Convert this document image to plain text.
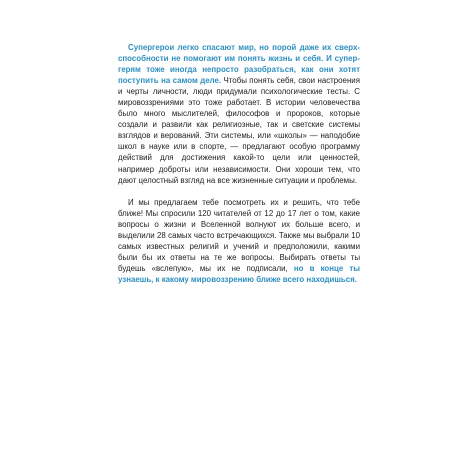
Супергерои легко спасают мир, но порой даже их сверхспособности не помогают им понять жизнь и себя. И супергерям тоже иногда непросто разобраться, как они хотят поступить на самом деле. Чтобы понять себя, свои настроения и черты личности, люди придумали психологические тесты. С мировоззрениями это тоже работает. В истории человечества было много мыслителей, философов и пророков, которые создали и развили как религиозные, так и светские системы взглядов и верований. Эти системы, или «школы» — наподобие школ в науке или в спорте, — предлагают особую программу действий для достижения какой-то цели или ценностей, например доброты или независимости. Они хороши тем, что дают целостный взгляд на все жизненные ситуации и проблемы.

И мы предлагаем тебе посмотреть их и решить, что тебе ближе! Мы спросили 120 читателей от 12 до 17 лет о том, какие вопросы о жизни и Вселенной волнуют их больше всего, и выделили 28 самых часто встречающихся. Также мы выбрали 10 самых известных религий и учений и предположили, какими были бы их ответы на те же вопросы. Выбирать ответы ты будешь «вслепую», мы их не подписали, но в конце ты узнаешь, к какому мировоззрению ближе всего находишься.
